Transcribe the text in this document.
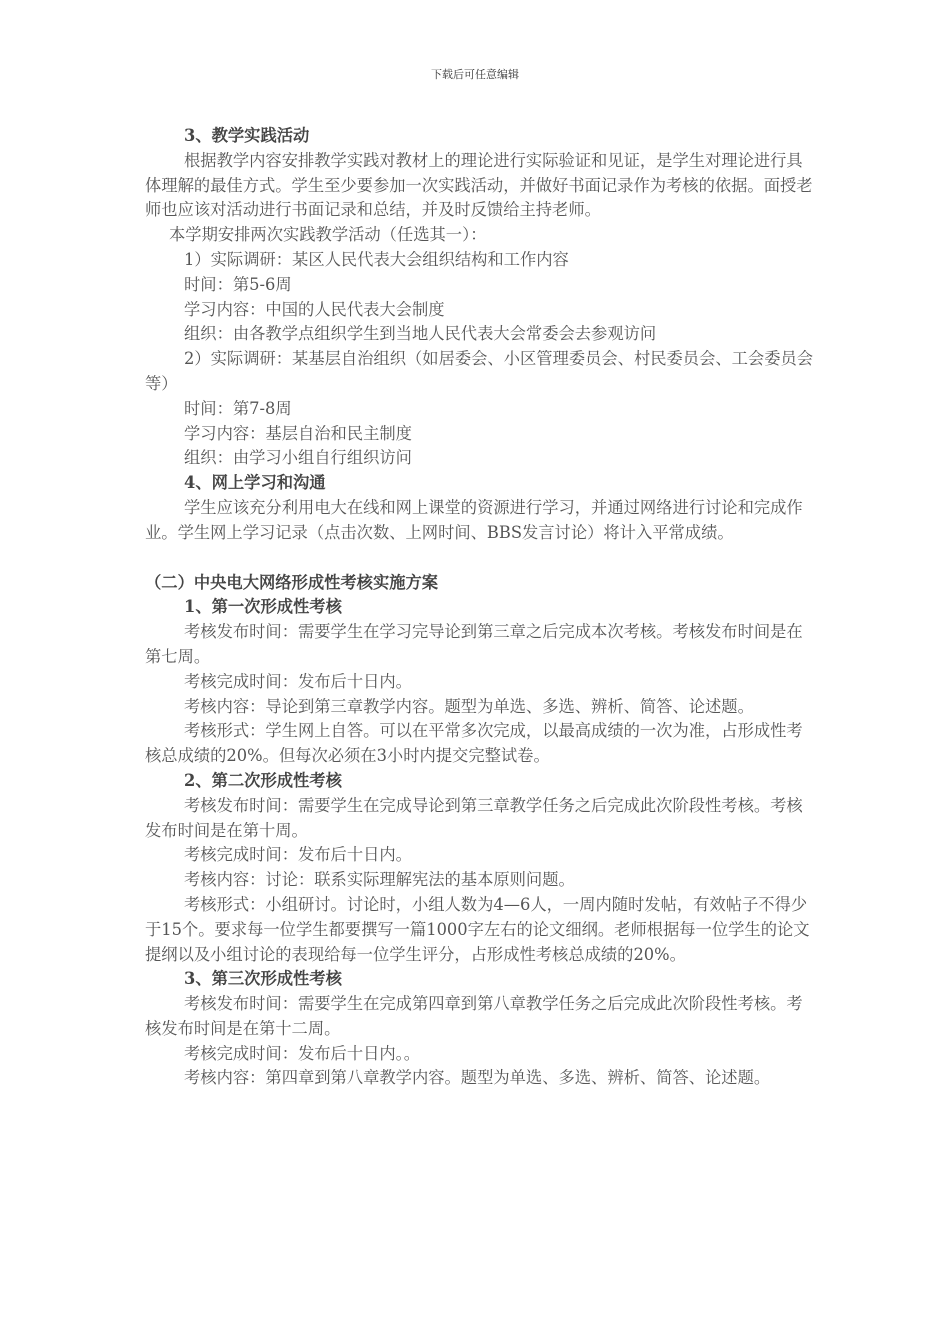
下载后可任意编辑

3、教学实践活动

根据教学内容安排教学实践对教材上的理论进行实际验证和见证，是学生对理论进行具体理解的最佳方式。学生至少要参加一次实践活动，并做好书面记录作为考核的依据。面授老师也应该对活动进行书面记录和总结，并及时反馈给主持老师。

本学期安排两次实践教学活动（任选其一）：

1）实际调研：某区人民代表大会组织结构和工作内容

时间：第5-6周

学习内容：中国的人民代表大会制度

组织：由各教学点组织学生到当地人民代表大会常委会去参观访问

2）实际调研：某基层自治组织（如居委会、小区管理委员会、村民委员会、工会委员会等）

时间：第7-8周

学习内容：基层自治和民主制度

组织：由学习小组自行组织访问

4、网上学习和沟通

学生应该充分利用电大在线和网上课堂的资源进行学习，并通过网络进行讨论和完成作业。学生网上学习记录（点击次数、上网时间、BBS发言讨论）将计入平常成绩。

（二）中央电大网络形成性考核实施方案

1、第一次形成性考核

考核发布时间：需要学生在学习完导论到第三章之后完成本次考核。考核发布时间是在第七周。

考核完成时间：发布后十日内。

考核内容：导论到第三章教学内容。题型为单选、多选、辨析、简答、论述题。

考核形式：学生网上自答。可以在平常多次完成，以最高成绩的一次为准，占形成性考核总成绩的20%。但每次必须在3小时内提交完整试卷。

2、第二次形成性考核

考核发布时间：需要学生在完成导论到第三章教学任务之后完成此次阶段性考核。考核发布时间是在第十周。

考核完成时间：发布后十日内。

考核内容：讨论：联系实际理解宪法的基本原则问题。

考核形式：小组研讨。讨论时，小组人数为4—6人，一周内随时发帖，有效帖子不得少于15个。要求每一位学生都要撰写一篇1000字左右的论文细纲。老师根据每一位学生的论文提纲以及小组讨论的表现给每一位学生评分，占形成性考核总成绩的20%。

3、第三次形成性考核

考核发布时间：需要学生在完成第四章到第八章教学任务之后完成此次阶段性考核。考核发布时间是在第十二周。

考核完成时间：发布后十日内。。

考核内容：第四章到第八章教学内容。题型为单选、多选、辨析、简答、论述题。
